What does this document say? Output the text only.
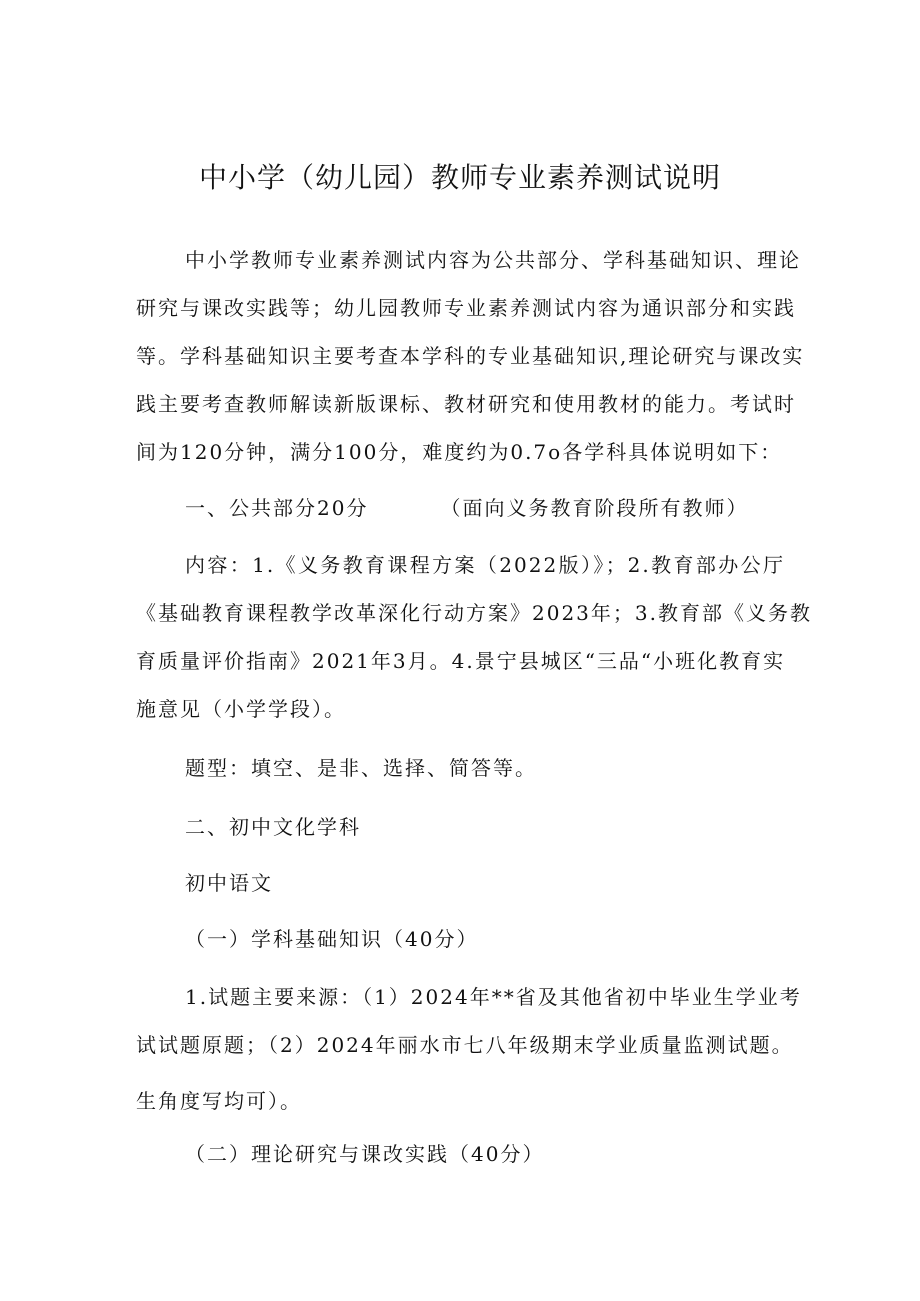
中小学（幼儿园）教师专业素养测试说明
中小学教师专业素养测试内容为公共部分、学科基础知识、理论
研究与课改实践等；幼儿园教师专业素养测试内容为通识部分和实践
等。学科基础知识主要考查本学科的专业基础知识,理论研究与课改实
践主要考查教师解读新版课标、教材研究和使用教材的能力。考试时
间为120分钟，满分100分，难度约为0.7o各学科具体说明如下：
一、公共部分20分	（面向义务教育阶段所有教师）
内容：1.《义务教育课程方案（2022版）》；2.教育部办公厅
《基础教育课程教学改革深化行动方案》2023年；3.教育部《义务教
育质量评价指南》2021年3月。4.景宁县城区“三品“小班化教育实
施意见（小学学段）。
题型：填空、是非、选择、简答等。
二、初中文化学科
初中语文
（一）学科基础知识（40分）
1.试题主要来源：（1）2024年**省及其他省初中毕业生学业考
试试题原题；（2）2024年丽水市七八年级期末学业质量监测试题。
生角度写均可）。
（二）理论研究与课改实践（40分）
